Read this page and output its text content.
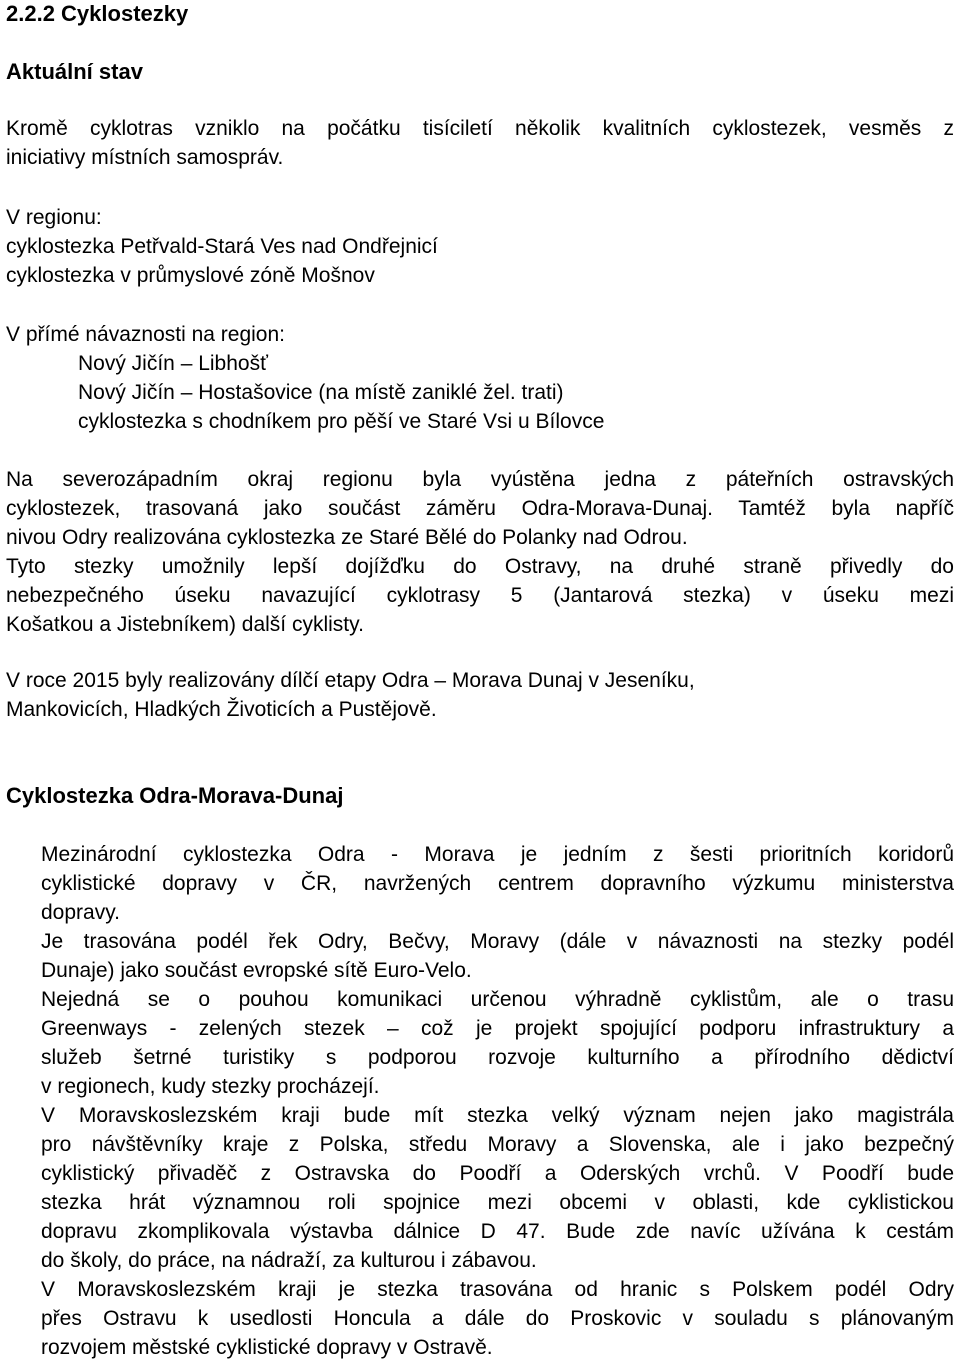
2.2.2 Cyklostezky
Aktuální stav
Kromě cyklotras vzniklo na počátku tisíciletí několik kvalitních cyklostezek, vesměs z
iniciativy místních samospráv.
V regionu:
cyklostezka Petřvald-Stará Ves nad Ondřejnicí
cyklostezka v průmyslové zóně Mošnov
V přímé návaznosti na region:
Nový Jičín – Libhošť
Nový Jičín – Hostašovice (na místě zaniklé žel. trati)
cyklostezka s chodníkem pro pěší ve Staré Vsi u Bílovce
Na severozápadním okraj regionu byla vyústěna jedna z páteřních ostravských
cyklostezek, trasovaná jako součást záměru Odra-Morava-Dunaj. Tamtéž byla napříč
nivou Odry realizována cyklostezka ze Staré Bělé do Polanky nad Odrou.
Tyto stezky umožnily lepší dojížďku do Ostravy, na druhé straně přivedly do
nebezpečného úseku navazující cyklotrasy 5 (Jantarová stezka) v úseku mezi
Košatkou a Jistebníkem) další cyklisty.
V roce 2015 byly realizovány dílčí etapy Odra – Morava Dunaj v Jeseníku,
Mankovicích, Hladkých Životicích a Pustějově.
Cyklostezka Odra-Morava-Dunaj
Mezinárodní cyklostezka Odra - Morava je jedním z šesti prioritních koridorů
cyklistické dopravy v ČR, navržených centrem dopravního výzkumu ministerstva
dopravy.
Je trasována podél řek Odry, Bečvy, Moravy (dále v návaznosti na stezky podél
Dunaje) jako součást evropské sítě Euro-Velo.
Nejedná se o pouhou komunikaci určenou výhradně cyklistům, ale o trasu
Greenways - zelených stezek – což je projekt spojující podporu infrastruktury a
služeb šetrné turistiky s podporou rozvoje kulturního a přírodního dědictví
v regionech, kudy stezky procházejí.
V Moravskoslezském kraji bude mít stezka velký význam nejen jako magistrála
pro návštěvníky kraje z Polska, středu Moravy a Slovenska, ale i jako bezpečný
cyklistický přivaděč z Ostravska do Poodří a Oderských vrchů. V Poodří bude
stezka hrát významnou roli spojnice mezi obcemi v oblasti, kde cyklistickou
dopravu zkomplikovala výstavba dálnice D 47. Bude zde navíc užívána k cestám
do školy, do práce, na nádraží, za kulturou i zábavou.
V Moravskoslezském kraji je stezka trasována od hranic s Polskem podél Odry
přes Ostravu k usedlosti Honcula a dále do Proskovic v souladu s plánovaným
rozvojem městské cyklistické dopravy v Ostravě.
